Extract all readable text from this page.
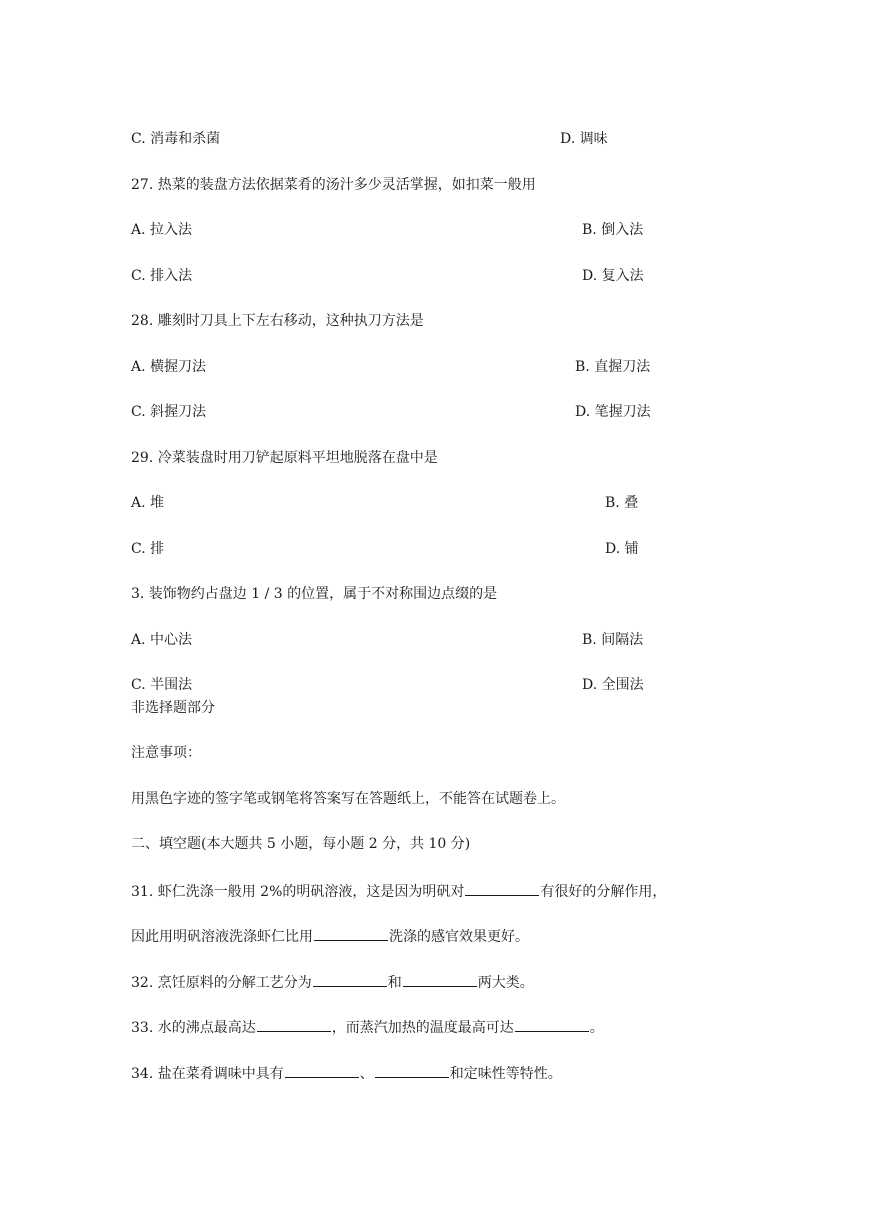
C. 消毒和杀菌	D. 调味
27. 热菜的装盘方法依据菜肴的汤汁多少灵活掌握，如扣菜一般用
A. 拉入法	B. 倒入法
C. 排入法	D. 复入法
28. 雕刻时刀具上下左右移动，这种执刀方法是
A. 横握刀法	B. 直握刀法
C. 斜握刀法	D. 笔握刀法
29. 冷菜装盘时用刀铲起原料平坦地脱落在盘中是
A. 堆	B. 叠
C. 排	D. 铺
3. 装饰物约占盘边 1 / 3 的位置，属于不对称围边点缀的是
A. 中心法	B. 间隔法
C. 半围法	D. 全围法
非选择题部分
注意事项：
用黑色字迹的签字笔或钢笔将答案写在答题纸上，不能答在试题卷上。
二、填空题(本大题共 5 小题，每小题 2 分，共 10 分)
31. 虾仁洗涤一般用 2%的明矾溶液，这是因为明矾对	有很好的分解作用，
因此用明矾溶液洗涤虾仁比用	洗涤的感官效果更好。
32. 烹饪原料的分解工艺分为	和	两大类。
33. 水的沸点最高达	，而蒸汽加热的温度最高可达	。
34. 盐在菜肴调味中具有	、	和定味性等特性。
